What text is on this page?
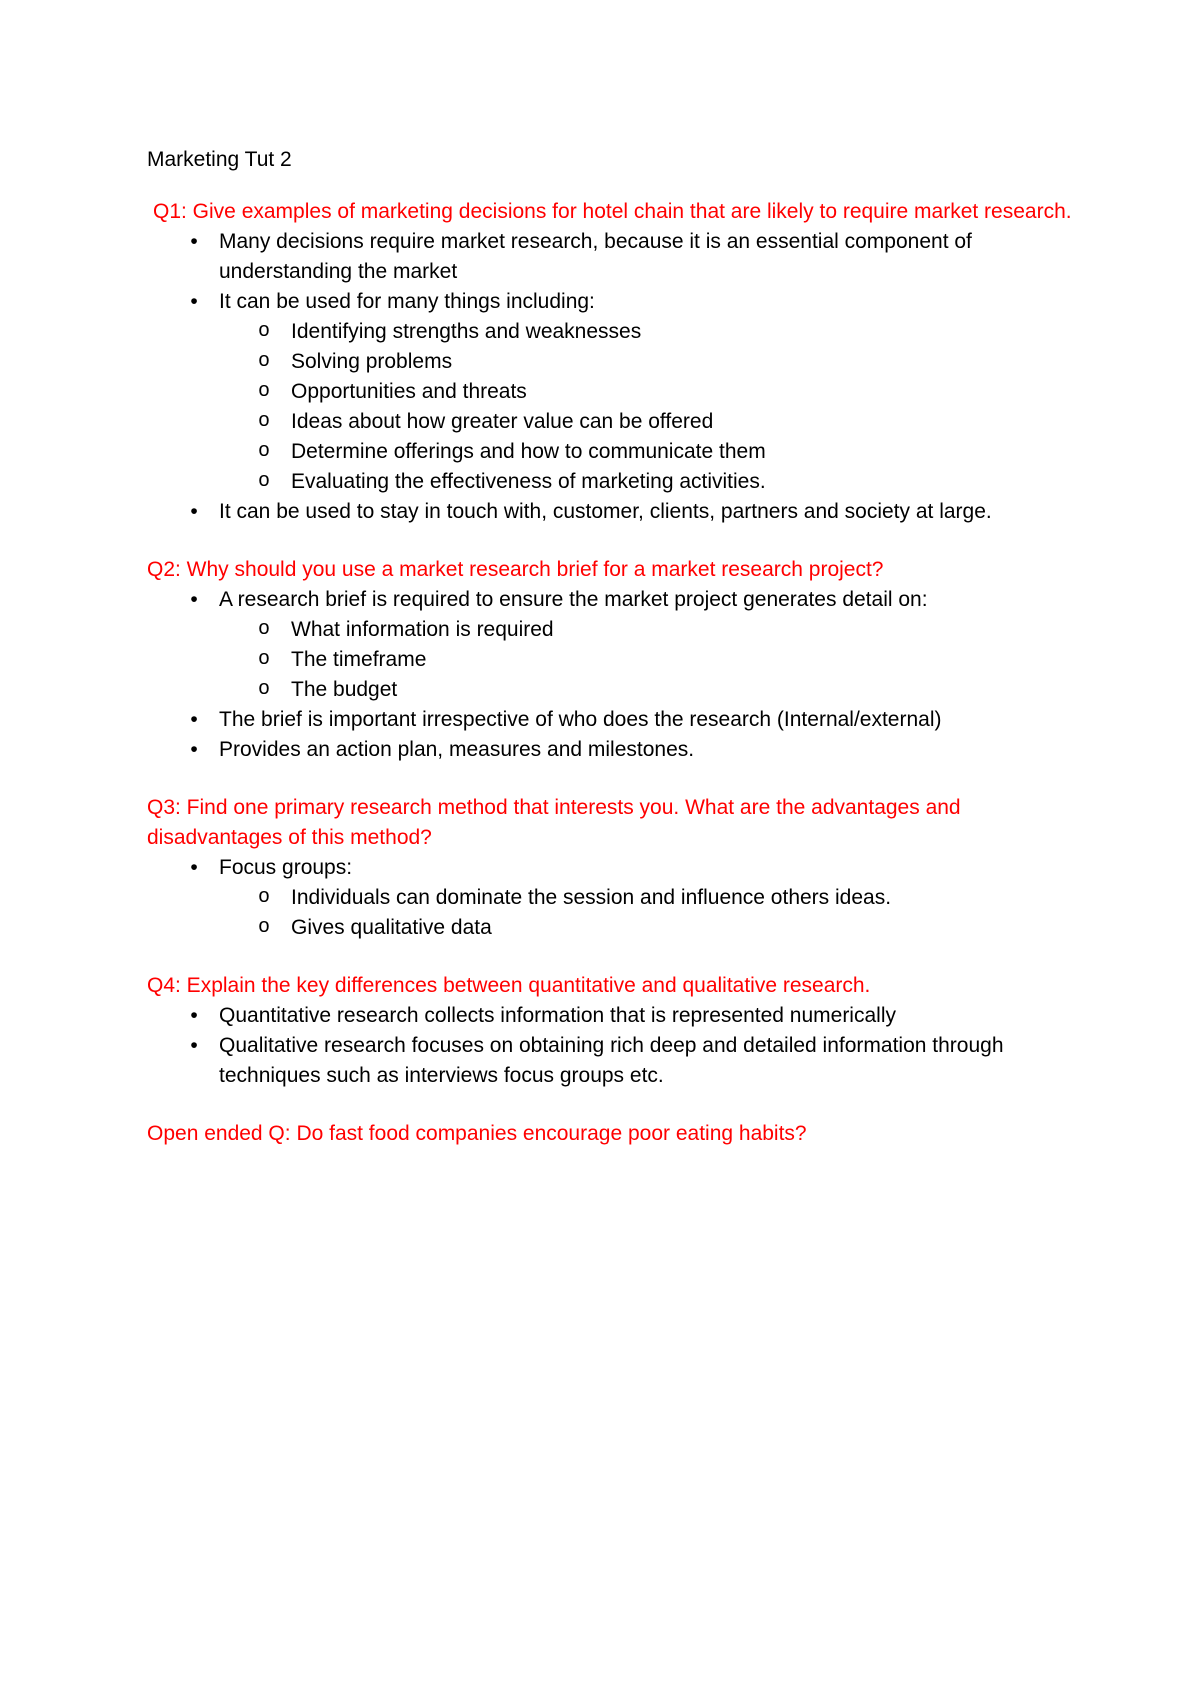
Marketing Tut 2

Q1: Give examples of marketing decisions for hotel chain that are likely to require market research.

• Many decisions require market research, because it is an essential component of understanding the market
• It can be used for many things including:
o Identifying strengths and weaknesses
o Solving problems
o Opportunities and threats
o Ideas about how greater value can be offered
o Determine offerings and how to communicate them
o Evaluating the effectiveness of marketing activities.
• It can be used to stay in touch with, customer, clients, partners and society at large.

Q2: Why should you use a market research brief for a market research project?

• A research brief is required to ensure the market project generates detail on:
o What information is required
o The timeframe
o The budget
• The brief is important irrespective of who does the research (Internal/external)
• Provides an action plan, measures and milestones.

Q3: Find one primary research method that interests you. What are the advantages and disadvantages of this method?

• Focus groups:
o Individuals can dominate the session and influence others ideas.
o Gives qualitative data

Q4: Explain the key differences between quantitative and qualitative research.

• Quantitative research collects information that is represented numerically
• Qualitative research focuses on obtaining rich deep and detailed information through techniques such as interviews focus groups etc.

Open ended Q: Do fast food companies encourage poor eating habits?
